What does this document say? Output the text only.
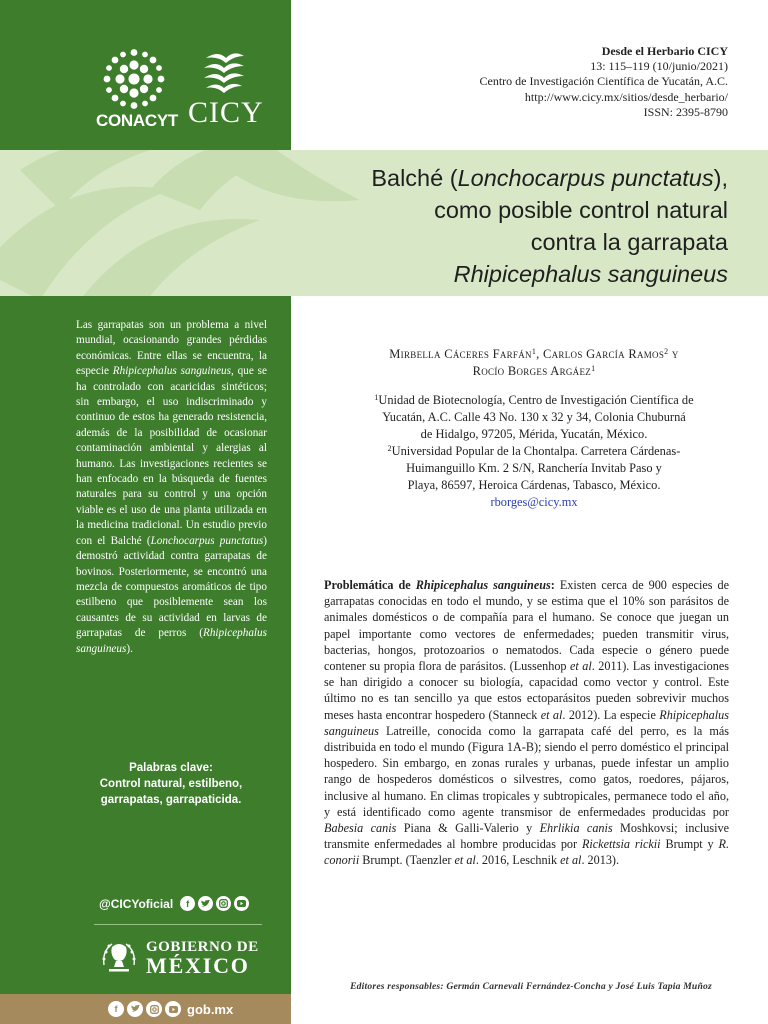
CONACYT CICY
Desde el Herbario CICY
13: 115–119 (10/junio/2021)
Centro de Investigación Científica de Yucatán, A.C.
http://www.cicy.mx/sitios/desde_herbario/
ISSN: 2395-8790
Balché (Lonchocarpus punctatus),
como posible control natural
contra la garrapata
Rhipicephalus sanguineus
Las garrapatas son un problema a nivel mundial, ocasionando grandes pérdidas económicas. Entre ellas se encuentra, la especie Rhipicephalus sanguineus, que se ha controlado con acaricidas sintéticos; sin embargo, el uso indiscriminado y continuo de estos ha generado resistencia, además de la posibilidad de ocasionar contaminación ambiental y alergias al humano. Las investigaciones recientes se han enfocado en la búsqueda de fuentes naturales para su control y una opción viable es el uso de una planta utilizada en la medicina tradicional. Un estudio previo con el Balché (Lonchocarpus punctatus) demostró actividad contra garrapatas de bovinos. Posteriormente, se encontró una mezcla de compuestos aromáticos de tipo estilbeno que posiblemente sean los causantes de su actividad en larvas de garrapatas de perros (Rhipicephalus sanguineus).
Palabras clave:
Control natural, estilbeno,
garrapatas, garrapaticida.
@CICYoficial	f
GOBIERNO DE
MÉXICO
f	gob.mx
Mirbella Cáceres Farfán$^1$, Carlos García Ramos$^2$ y
Rocío Borges Argáez$^1$
$^1$Unidad de Biotecnología, Centro de Investigación Científica de
Yucatán, A.C. Calle 43 No. 130 x 32 y 34, Colonia Chuburná
de Hidalgo, 97205, Mérida, Yucatán, México.
$^2$Universidad Popular de la Chontalpa. Carretera Cárdenas-
Huimanguillo Km. 2 S/N, Ranchería Invitab Paso y
Playa, 86597, Heroica Cárdenas, Tabasco, México.
rborges@cicy.mx
Problemática de Rhipicephalus sanguineus: Existen cerca de 900 especies de garrapatas conocidas en todo el mundo, y se estima que el 10% son parásitos de animales domésticos o de compañía para el humano. Se conoce que juegan un papel importante como vectores de enfermedades; pueden transmitir virus, bacterias, hongos, protozoarios o nematodos. Cada especie o género puede contener su propia flora de parásitos. (Lussenhop et al. 2011). Las investigaciones se han dirigido a conocer su biología, capacidad como vector y control. Este último no es tan sencillo ya que estos ectoparásitos pueden sobrevivir muchos meses hasta encontrar hospedero (Stanneck et al. 2012). La especie Rhipicephalus sanguineus Latreille, conocida como la garrapata café del perro, es la más distribuida en todo el mundo (Figura 1A-B); siendo el perro doméstico el principal hospedero. Sin embargo, en zonas rurales y urbanas, puede infestar un amplio rango de hospederos domésticos o silvestres, como gatos, roedores, pájaros, inclusive al humano. En climas tropicales y subtropicales, permanece todo el año, y está identificado como agente transmisor de enfermedades producidas por Babesia canis Piana & Galli-Valerio y Ehrlikia canis Moshkovsi; inclusive transmite enfermedades al hombre producidas por Rickettsia rickii Brumpt y R. conorii Brumpt. (Taenzler et al. 2016, Leschnik et al. 2013).
Editores responsables: Germán Carnevali Fernández-Concha y José Luis Tapia Muñoz
